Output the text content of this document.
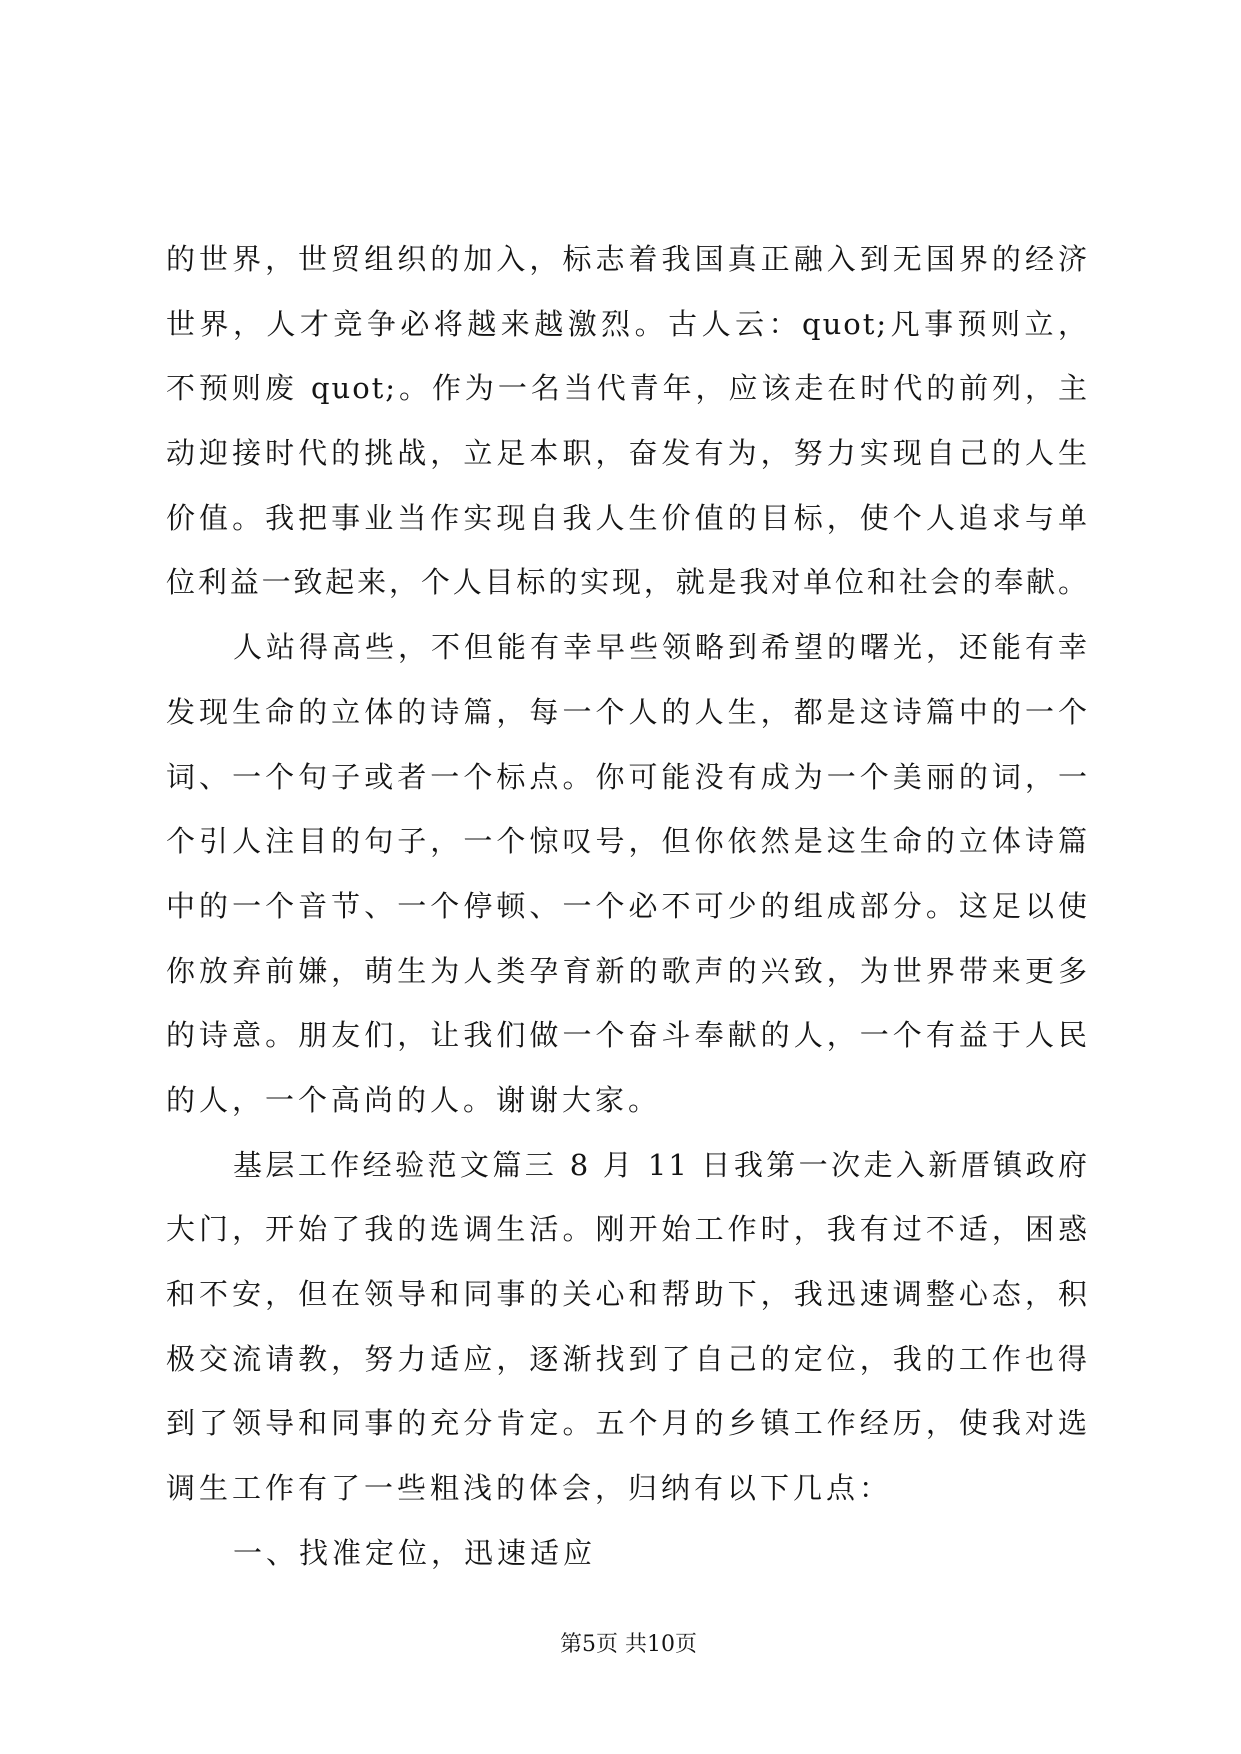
的世界，世贸组织的加入，标志着我国真正融入到无国界的经济
世界，人才竞争必将越来越激烈。古人云：quot;凡事预则立，
不预则废 quot;。作为一名当代青年，应该走在时代的前列，主
动迎接时代的挑战，立足本职，奋发有为，努力实现自己的人生
价值。我把事业当作实现自我人生价值的目标，使个人追求与单
位利益一致起来，个人目标的实现，就是我对单位和社会的奉献。
人站得高些，不但能有幸早些领略到希望的曙光，还能有幸
发现生命的立体的诗篇，每一个人的人生，都是这诗篇中的一个
词、一个句子或者一个标点。你可能没有成为一个美丽的词，一
个引人注目的句子，一个惊叹号，但你依然是这生命的立体诗篇
中的一个音节、一个停顿、一个必不可少的组成部分。这足以使
你放弃前嫌，萌生为人类孕育新的歌声的兴致，为世界带来更多
的诗意。朋友们，让我们做一个奋斗奉献的人，一个有益于人民
的人，一个高尚的人。谢谢大家。
基层工作经验范文篇三 8 月 11 日我第一次走入新厝镇政府
大门，开始了我的选调生活。刚开始工作时，我有过不适，困惑
和不安，但在领导和同事的关心和帮助下，我迅速调整心态，积
极交流请教，努力适应，逐渐找到了自己的定位，我的工作也得
到了领导和同事的充分肯定。五个月的乡镇工作经历，使我对选
调生工作有了一些粗浅的体会，归纳有以下几点：
一、找准定位，迅速适应
第5页 共10页
